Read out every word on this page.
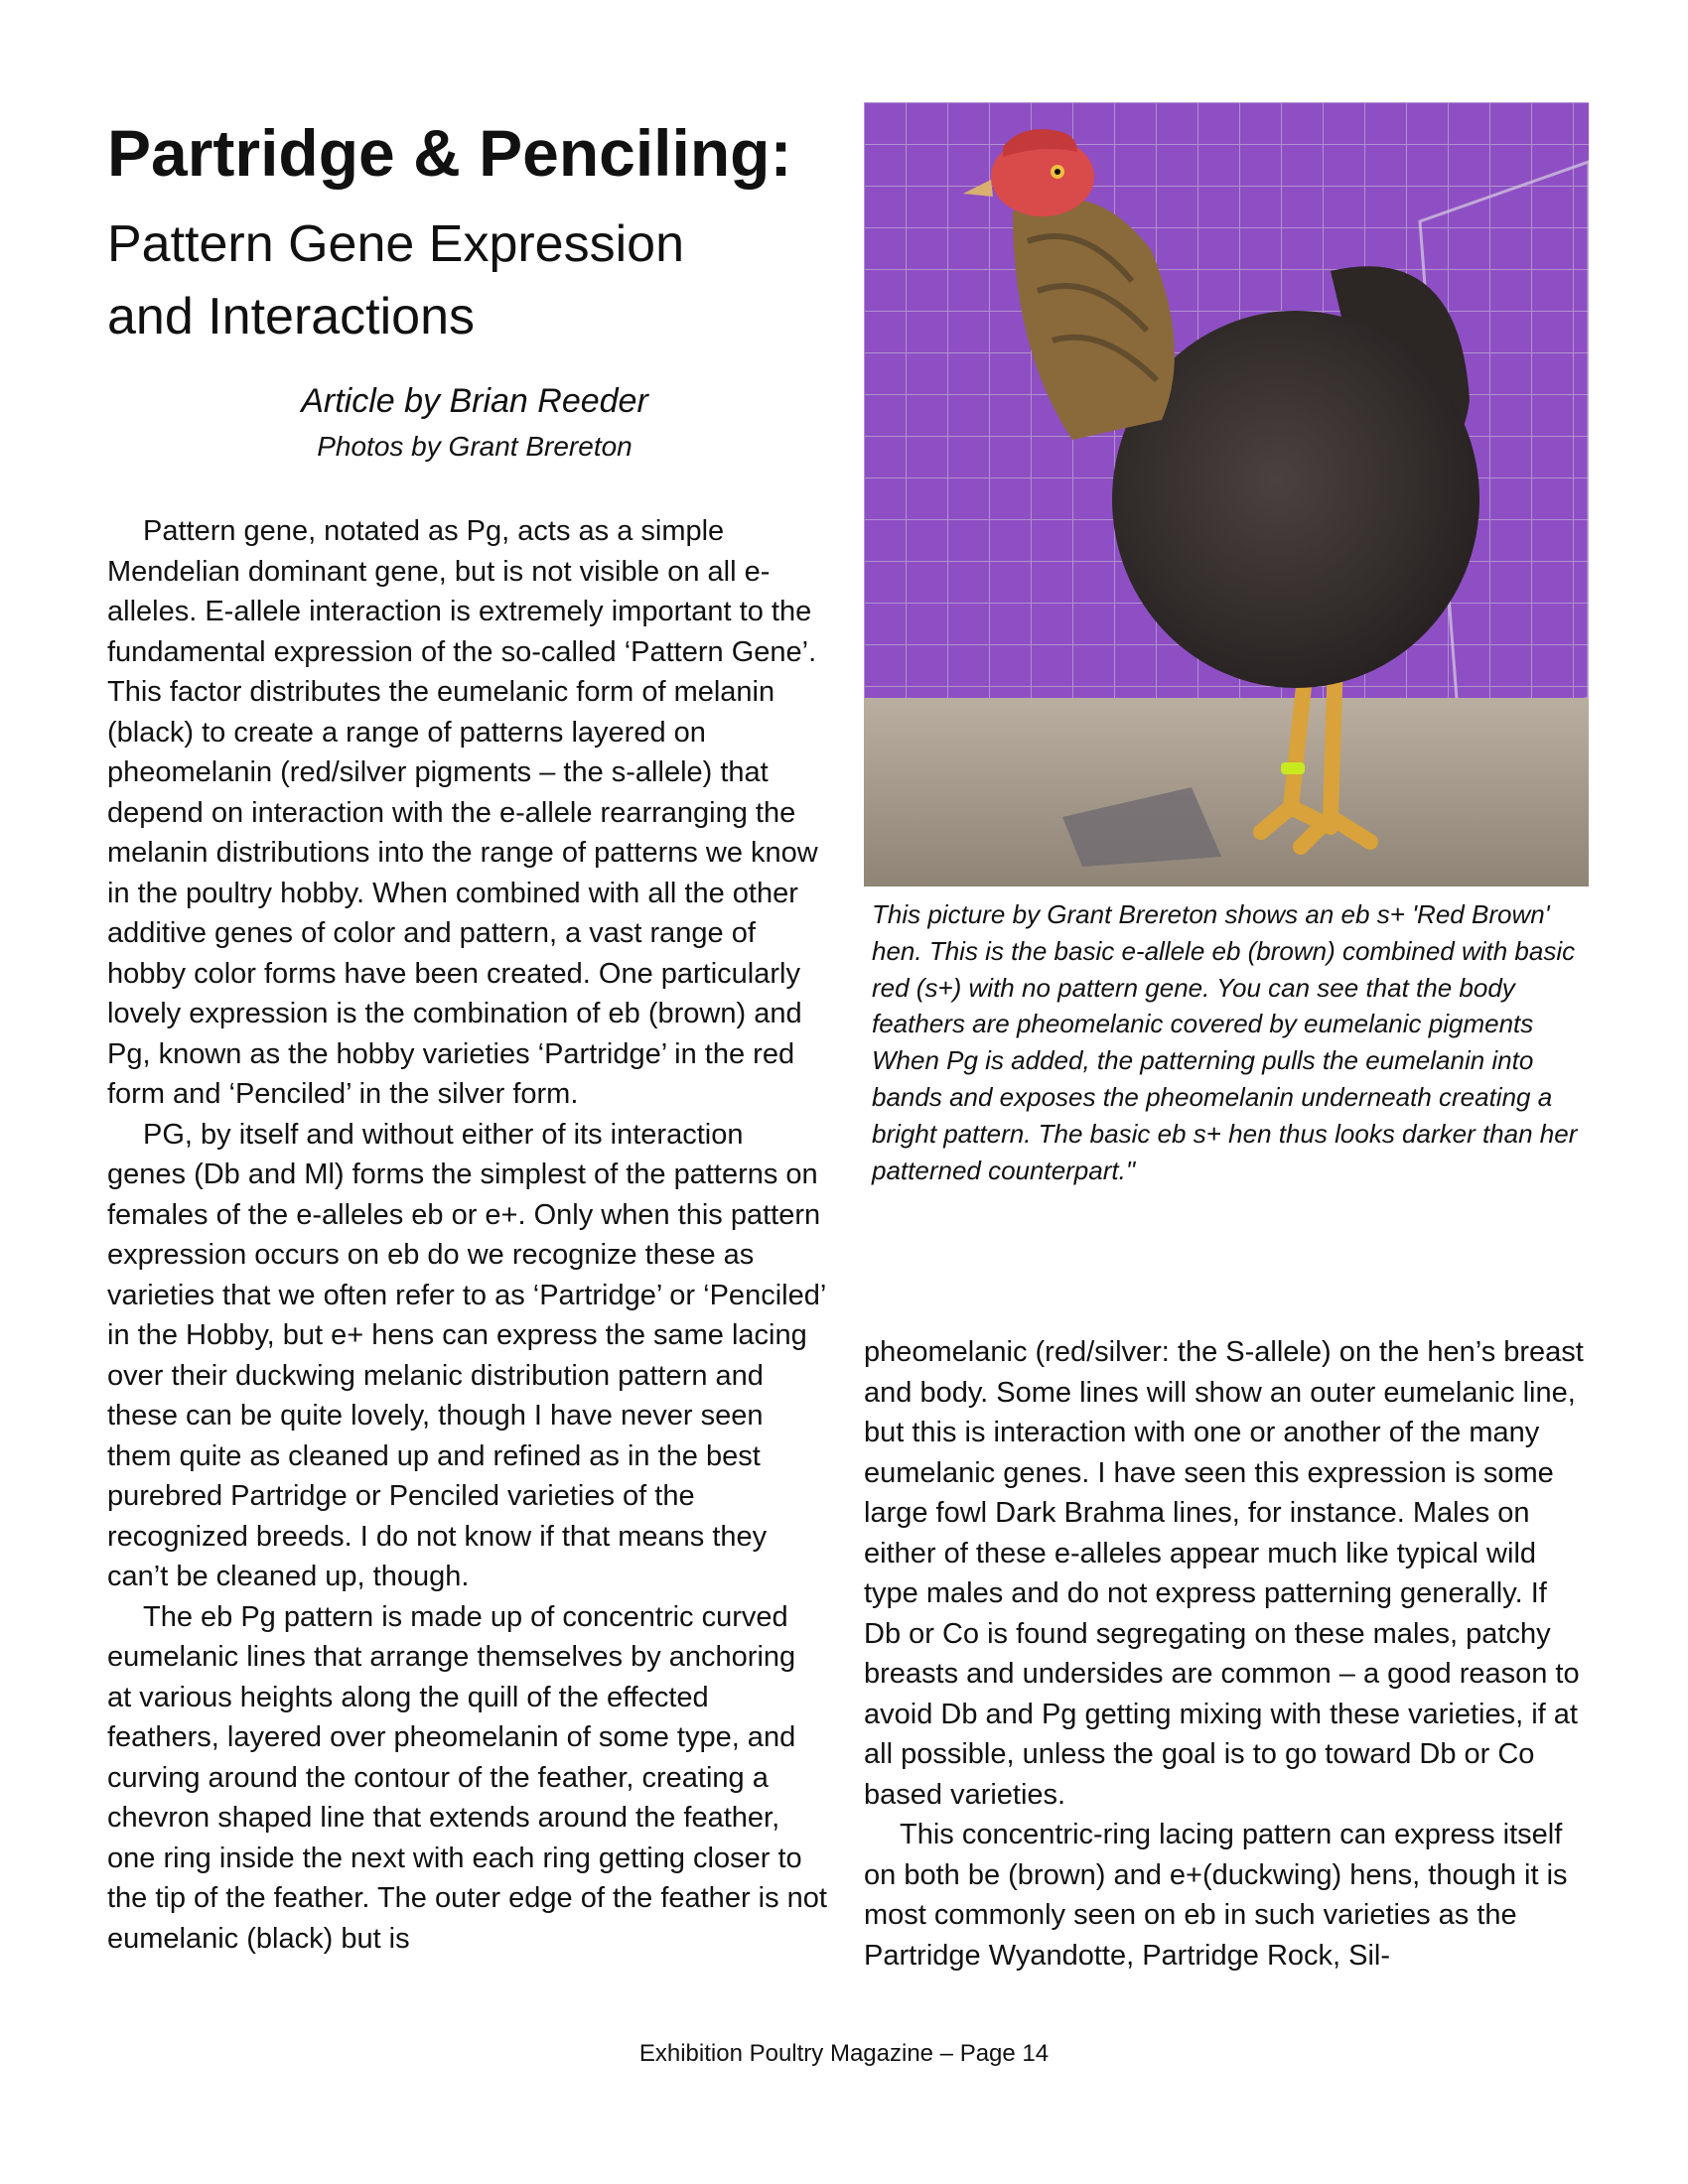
Partridge & Penciling:
Pattern Gene Expression
and Interactions

Article by Brian Reeder

Photos by Grant Brereton

Pattern gene, notated as Pg, acts as a simple Mendelian dominant gene, but is not visible on all e-alleles. E-allele interaction is extremely important to the fundamental expression of the so-called ‘Pattern Gene’. This factor distributes the eumelanic form of melanin (black) to create a range of patterns layered on pheomelanin (red/silver pigments – the s-allele) that depend on interaction with the e-allele rearranging the melanin distributions into the range of patterns we know in the poultry hobby. When combined with all the other additive genes of color and pattern, a vast range of hobby color forms have been created. One particularly lovely expression is the combination of eb (brown) and Pg, known as the hobby varieties ‘Partridge’ in the red form and ‘Penciled’ in the silver form.

PG, by itself and without either of its interaction genes (Db and Ml) forms the simplest of the patterns on females of the e-alleles eb or e+. Only when this pattern expression occurs on eb do we recognize these as varieties that we often refer to as ‘Partridge’ or ‘Penciled’ in the Hobby, but e+ hens can express the same lacing over their duckwing melanic distribution pattern and these can be quite lovely, though I have never seen them quite as cleaned up and refined as in the best purebred Partridge or Penciled varieties of the recognized breeds. I do not know if that means they can’t be cleaned up, though.

The eb Pg pattern is made up of concentric curved eumelanic lines that arrange themselves by anchoring at various heights along the quill of the effected feathers, layered over pheomelanin of some type, and curving around the contour of the feather, creating a chevron shaped line that extends around the feather, one ring inside the next with each ring getting closer to the tip of the feather. The outer edge of the feather is not eumelanic (black) but is

This picture by Grant Brereton shows an eb s+ 'Red Brown' hen. This is the basic e-allele eb (brown) combined with basic red (s+) with no pattern gene. You can see that the body feathers are pheomelanic covered by eumelanic pigments When Pg is added, the patterning pulls the eumelanin into bands and exposes the pheomelanin underneath creating a bright pattern. The basic eb s+ hen thus looks darker than her patterned counterpart."

pheomelanic (red/silver: the S-allele) on the hen’s breast and body. Some lines will show an outer eumelanic line, but this is interaction with one or another of the many eumelanic genes. I have seen this expression is some large fowl Dark Brahma lines, for instance. Males on either of these e-alleles appear much like typical wild type males and do not express patterning generally. If Db or Co is found segregating on these males, patchy breasts and undersides are common – a good reason to avoid Db and Pg getting mixing with these varieties, if at all possible, unless the goal is to go toward Db or Co based varieties.

This concentric-ring lacing pattern can express itself on both be (brown) and e+(duckwing) hens, though it is most commonly seen on eb in such varieties as the Partridge Wyandotte, Partridge Rock, Sil-

Exhibition Poultry Magazine – Page 14
